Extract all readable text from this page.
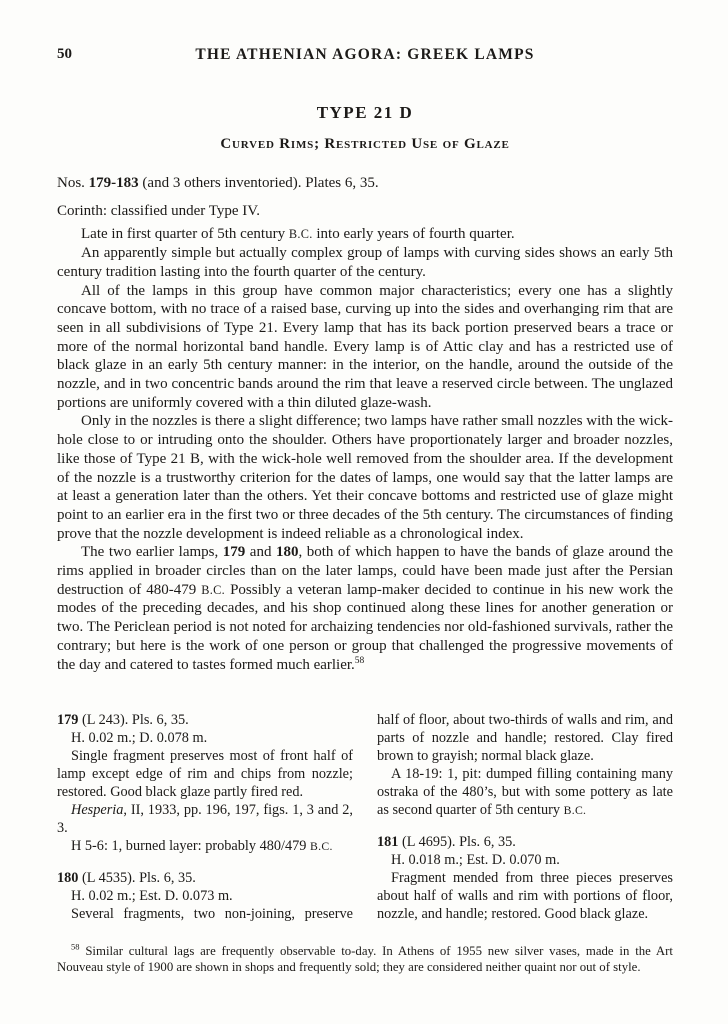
50	THE ATHENIAN AGORA: GREEK LAMPS
TYPE 21 D
Curved Rims; Restricted Use of Glaze

Nos. 179-183 (and 3 others inventoried). Plates 6, 35.

Corinth: classified under Type IV.

Late in first quarter of 5th century B.C. into early years of fourth quarter.

An apparently simple but actually complex group of lamps with curving sides shows an early 5th century tradition lasting into the fourth quarter of the century.

All of the lamps in this group have common major characteristics; every one has a slightly concave bottom, with no trace of a raised base, curving up into the sides and overhanging rim that are seen in all subdivisions of Type 21. Every lamp that has its back portion preserved bears a trace or more of the normal horizontal band handle. Every lamp is of Attic clay and has a restricted use of black glaze in an early 5th century manner: in the interior, on the handle, around the outside of the nozzle, and in two concentric bands around the rim that leave a reserved circle between. The unglazed portions are uniformly covered with a thin diluted glaze-wash.

Only in the nozzles is there a slight difference; two lamps have rather small nozzles with the wick-hole close to or intruding onto the shoulder. Others have proportionately larger and broader nozzles, like those of Type 21 B, with the wick-hole well removed from the shoulder area. If the development of the nozzle is a trustworthy criterion for the dates of lamps, one would say that the latter lamps are at least a generation later than the others. Yet their concave bottoms and restricted use of glaze might point to an earlier era in the first two or three decades of the 5th century. The circumstances of finding prove that the nozzle development is indeed reliable as a chronological index.

The two earlier lamps, 179 and 180, both of which happen to have the bands of glaze around the rims applied in broader circles than on the later lamps, could have been made just after the Persian destruction of 480-479 B.C. Possibly a veteran lamp-maker decided to continue in his new work the modes of the preceding decades, and his shop continued along these lines for another generation or two. The Periclean period is not noted for archaizing tendencies nor old-fashioned survivals, rather the contrary; but here is the work of one person or group that challenged the progressive movements of the day and catered to tastes formed much earlier.$^{58}$

179 (L 243). Pls. 6, 35.

H. 0.02 m.; D. 0.078 m.

Single fragment preserves most of front half of lamp except edge of rim and chips from nozzle; restored. Good black glaze partly fired red.

Hesperia, II, 1933, pp. 196, 197, figs. 1, 3 and 2, 3.

H 5-6: 1, burned layer: probably 480/479 B.C.

180 (L 4535). Pls. 6, 35.

H. 0.02 m.; Est. D. 0.073 m.

Several fragments, two non-joining, preserve

half of floor, about two-thirds of walls and rim, and parts of nozzle and handle; restored. Clay fired brown to grayish; normal black glaze.

A 18-19: 1, pit: dumped filling containing many ostraka of the 480’s, but with some pottery as late as second quarter of 5th century B.C.

181 (L 4695). Pls. 6, 35.

H. 0.018 m.; Est. D. 0.070 m.

Fragment mended from three pieces preserves about half of walls and rim with portions of floor, nozzle, and handle; restored. Good black glaze.

$^{58}$ Similar cultural lags are frequently observable to-day. In Athens of 1955 new silver vases, made in the Art Nouveau style of 1900 are shown in shops and frequently sold; they are considered neither quaint nor out of style.
